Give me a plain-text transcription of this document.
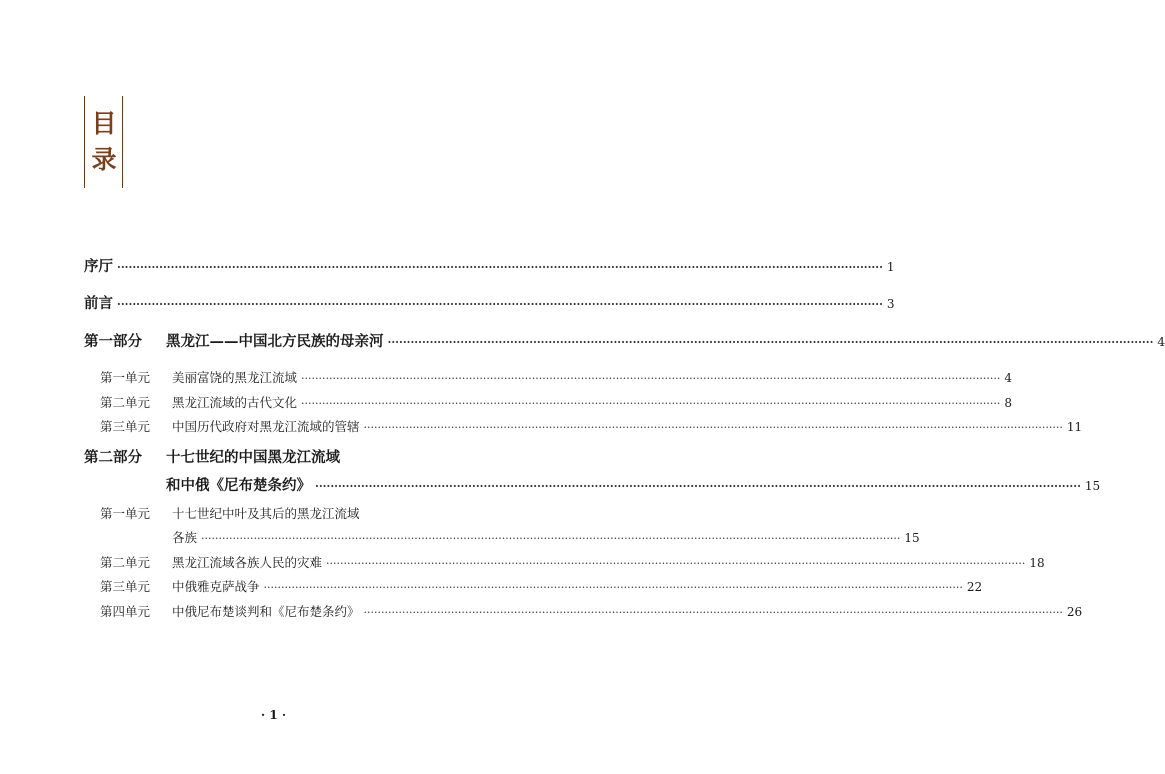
目
录
序厅 ········································································································································································································ 1
前言 ········································································································································································································ 3
第一部分 黑龙江——中国北方民族的母亲河 ········································································································································································································ 4
第一单元 美丽富饶的黑龙江流域 ········································································································································································································ 4
第二单元 黑龙江流域的古代文化 ········································································································································································································ 8
第三单元 中国历代政府对黑龙江流域的管辖 ········································································································································································································ 11
第二部分 十七世纪的中国黑龙江流域
和中俄《尼布楚条约》 ········································································································································································································ 15
第一单元 十七世纪中叶及其后的黑龙江流域
各族 ········································································································································································································ 15
第二单元 黑龙江流域各族人民的灾难 ········································································································································································································ 18
第三单元 中俄雅克萨战争 ········································································································································································································ 22
第四单元 中俄尼布楚谈判和《尼布楚条约》 ········································································································································································································ 26
· 1 ·
